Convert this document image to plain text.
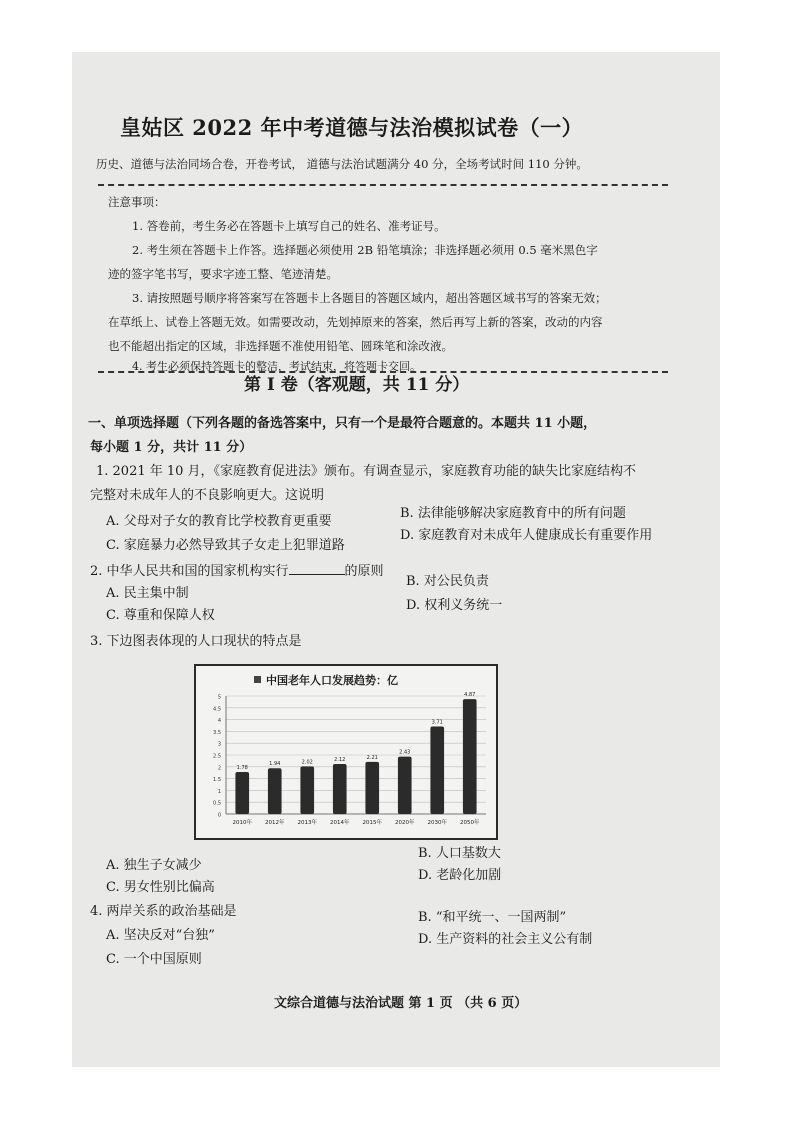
皇姑区 2022 年中考道德与法治模拟试卷（一）
历史、道德与法治同场合卷，开卷考试， 道德与法治试题满分 40 分，全场考试时间 110 分钟。
注意事项：
1. 答卷前，考生务必在答题卡上填写自己的姓名、准考证号。
2. 考生须在答题卡上作答。选择题必须使用 2B 铅笔填涂；非选择题必须用 0.5 毫米黑色字
迹的签字笔书写，要求字迹工整、笔迹清楚。
3. 请按照题号顺序将答案写在答题卡上各题目的答题区域内，超出答题区域书写的答案无效；
在草纸上、试卷上答题无效。如需要改动，先划掉原来的答案，然后再写上新的答案，改动的内容
也不能超出指定的区域，非选择题不准使用铅笔、圆珠笔和涂改液。
4. 考生必须保持答题卡的整洁，考试结束，将答题卡交回。
第 I 卷（客观题，共 11 分）
一、单项选择题（下列各题的备选答案中，只有一个是最符合题意的。本题共 11 小题，
每小题 1 分，共计 11 分）
1. 2021 年 10 月，《家庭教育促进法》颁布。有调查显示，家庭教育功能的缺失比家庭结构不
完整对未成年人的不良影响更大。这说明
A. 父母对子女的教育比学校教育更重要
B. 法律能够解决家庭教育中的所有问题
C. 家庭暴力必然导致其子女走上犯罪道路
D. 家庭教育对未成年人健康成长有重要作用
2. 中华人民共和国的国家机构实行	的原则
A. 民主集中制
B. 对公民负责
C. 尊重和保障人权
D. 权利义务统一
3. 下边图表体现的人口现状的特点是
中国老年人口发展趋势：亿
0
0.5
1
1.5
2
2.5
3
3.5
4
4.5
5
1.78
2010年
1.94
2012年
2.02
2013年
2.12
2014年
2.21
2015年
2.43
2020年
3.71
2030年
4.87
2050年
A. 独生子女减少
B. 人口基数大
C. 男女性别比偏高
D. 老龄化加剧
4. 两岸关系的政治基础是
A. 坚决反对“台独”
B. “和平统一、一国两制”
C. 一个中国原则
D. 生产资料的社会主义公有制
文综合道德与法治试题 第 1 页 （共 6 页）
